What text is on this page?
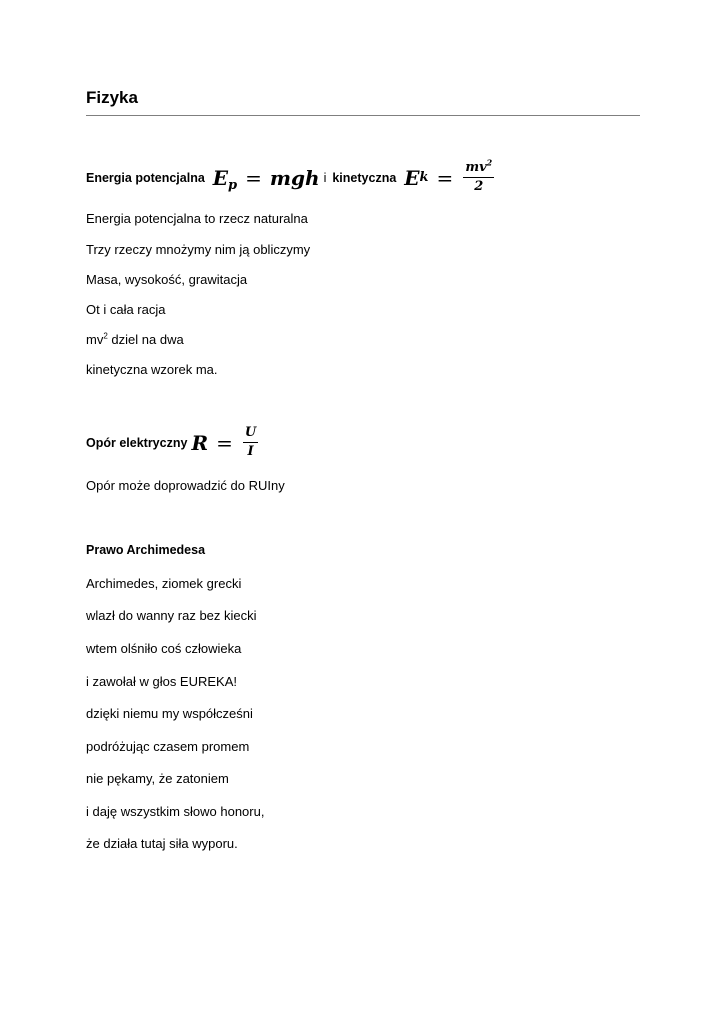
Fizyka
Energia potencjalna $E_p$ = mgh i kinetyczna E $k = \frac{mv^2}{2}$
Energia potencjalna to rzecz naturalna
Trzy rzeczy mnożymy nim ją obliczymy
Masa, wysokość, grawitacja
Ot i cała racja
$mv^2$ dziel na dwa
kinetyczna wzorek ma.
Opór elektryczny $R = \frac{U}{I}$
Opór może doprowadzić do RUIny
Prawo Archimedesa
Archimedes, ziomek grecki
wlazł do wanny raz bez kiecki
wtem olśniło coś człowieka
i zawołał w głos EUREKA!
dzięki niemu my współcześni
podróżując czasem promem
nie pękamy, że zatoniem
i daję wszystkim słowo honoru,
że działa tutaj siła wyporu.
